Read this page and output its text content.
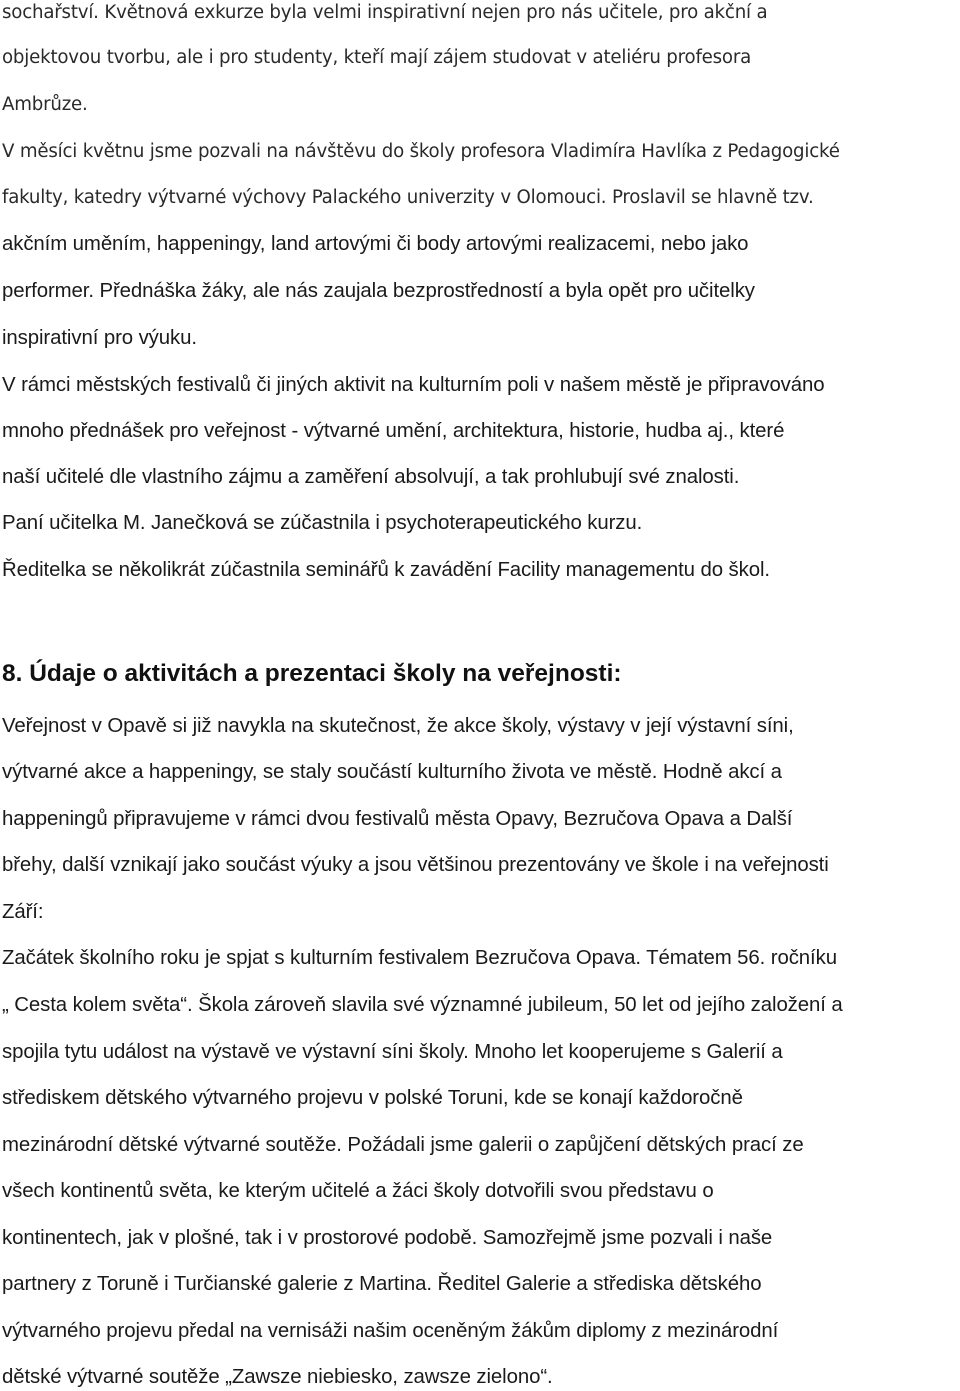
sochařství. Květnová exkurze byla velmi inspirativní nejen pro nás učitele, pro akční a
objektovou tvorbu, ale i pro studenty, kteří mají zájem studovat v ateliéru profesora
Ambrůze.
V měsíci květnu jsme pozvali na návštěvu do školy profesora Vladimíra Havlíka z Pedagogické
fakulty, katedry výtvarné výchovy Palackého univerzity v Olomouci. Proslavil se hlavně tzv.
akčním uměním, happeningy, land artovými či body artovými realizacemi, nebo jako
performer. Přednáška žáky, ale nás zaujala bezprostředností a byla opět pro učitelky
inspirativní pro výuku.
V rámci městských festivalů či jiných aktivit na kulturním poli v našem městě je připravováno
mnoho přednášek pro veřejnost - výtvarné umění, architektura, historie, hudba aj., které
naší učitelé dle vlastního zájmu a zaměření absolvují, a tak prohlubují své znalosti.
Paní učitelka M. Janečková se zúčastnila i psychoterapeutického kurzu.
Ředitelka se několikrát zúčastnila seminářů k zavádění Facility managementu do škol.
8. Údaje o aktivitách a prezentaci školy na veřejnosti:
Veřejnost v Opavě si již navykla na skutečnost, že akce školy, výstavy v její výstavní síni,
výtvarné akce a happeningy, se staly součástí kulturního života ve městě. Hodně akcí a
happeningů připravujeme v rámci dvou festivalů města Opavy, Bezručova Opava a Další
břehy, další vznikají jako součást výuky a jsou většinou prezentovány ve škole i na veřejnosti
Září:
Začátek školního roku je spjat s kulturním festivalem Bezručova Opava. Tématem 56. ročníku
„ Cesta kolem světa“. Škola zároveň slavila své významné jubileum, 50 let od jejího založení a
spojila tytu událost na výstavě ve výstavní síni školy. Mnoho let kooperujeme s Galerií a
střediskem dětského výtvarného projevu v polské Toruni, kde se konají každoročně
mezinárodní dětské výtvarné soutěže. Požádali jsme galerii o zapůjčení dětských prací ze
všech kontinentů světa, ke kterým učitelé a žáci školy dotvořili svou představu o
kontinentech, jak v plošné, tak i v prostorové podobě. Samozřejmě jsme pozvali i naše
partnery z Toruně i Turčianské galerie z Martina. Ředitel Galerie a střediska dětského
výtvarného projevu předal na vernisáži našim oceněným žákům diplomy z mezinárodní
dětské výtvarné soutěže „Zawsze niebiesko, zawsze zielono“.
